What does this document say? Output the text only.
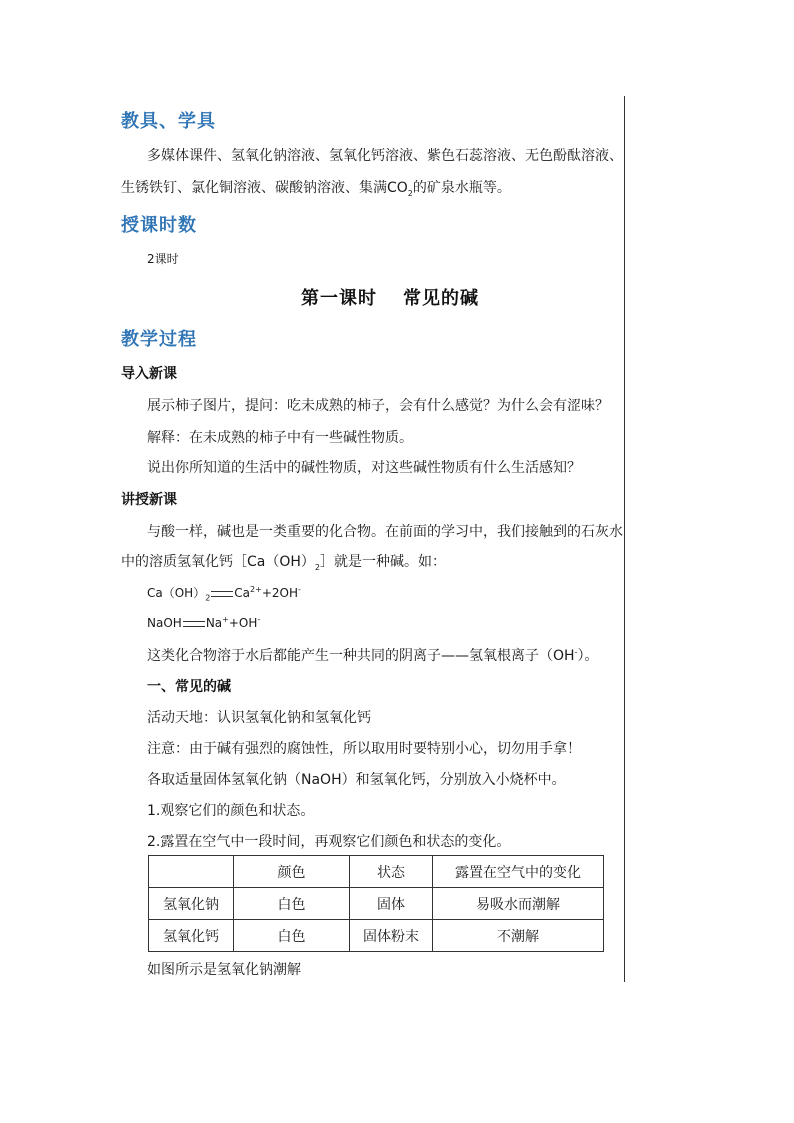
教具、学具
多媒体课件、氢氧化钠溶液、氢氧化钙溶液、紫色石蕊溶液、无色酚酞溶液、
生锈铁钉、氯化铜溶液、碳酸钠溶液、集满$CO_2$的矿泉水瓶等。
授课时数
2课时
第一课时 常见的碱
教学过程
导入新课
展示柿子图片，提问：吃未成熟的柿子，会有什么感觉？为什么会有涩味？
解释：在未成熟的柿子中有一些碱性物质。
说出你所知道的生活中的碱性物质，对这些碱性物质有什么生活感知？
讲授新课
与酸一样，碱也是一类重要的化合物。在前面的学习中，我们接触到的石灰水
中的溶质氢氧化钙$[Ca(OH)_2]$就是一种碱。如：
$Ca(OH)_2$ $Ca^{2+}+2OH^-$
NaOH Na++OH-
这类化合物溶于水后都能产生一种共同的阴离子——氢氧根离子（OH-）。
一、常见的碱
活动天地：认识氢氧化钠和氢氧化钙
注意：由于碱有强烈的腐蚀性，所以取用时要特别小心，切勿用手拿！
各取适量固体氢氧化钠（NaOH）和氢氧化钙，分别放入小烧杯中。
1.观察它们的颜色和状态。
2.露置在空气中一段时间，再观察它们颜色和状态的变化。
	颜色	状态	露置在空气中的变化
氢氧化钠	白色	固体	易吸水而潮解
氢氧化钙	白色	固体粉末	不潮解
如图所示是氢氧化钠潮解
